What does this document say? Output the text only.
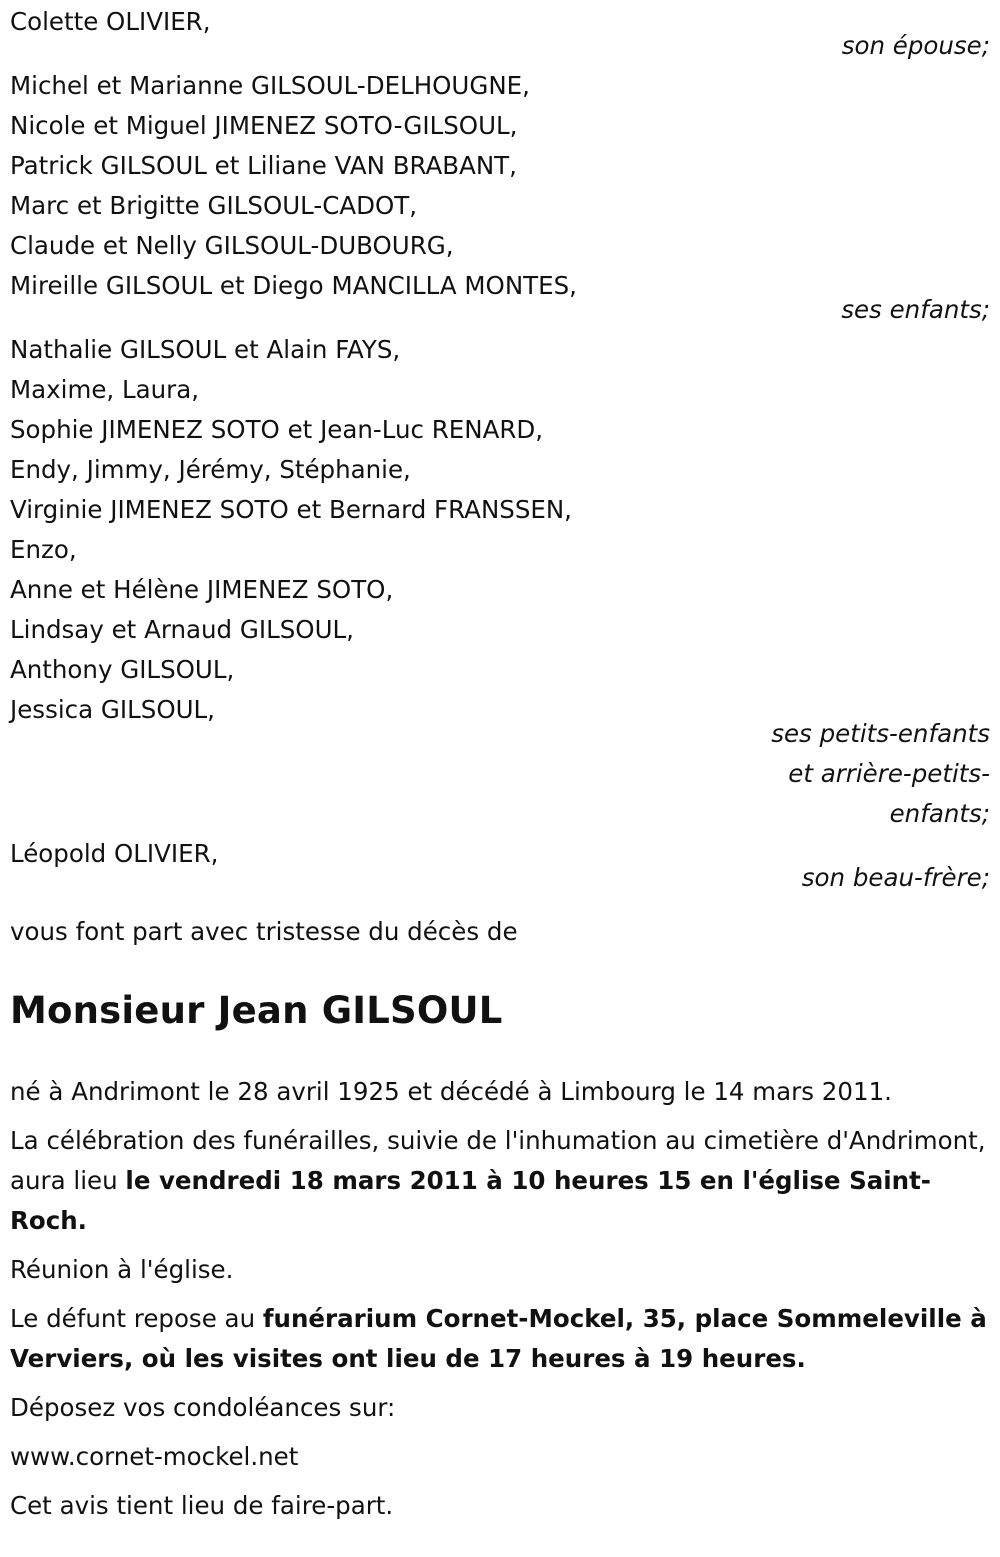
Colette OLIVIER,
son épouse;
Michel et Marianne GILSOUL-DELHOUGNE,
Nicole et Miguel JIMENEZ SOTO-GILSOUL,
Patrick GILSOUL et Liliane VAN BRABANT,
Marc et Brigitte GILSOUL-CADOT,
Claude et Nelly GILSOUL-DUBOURG,
Mireille GILSOUL et Diego MANCILLA MONTES,
ses enfants;
Nathalie GILSOUL et Alain FAYS,
Maxime, Laura,
Sophie JIMENEZ SOTO et Jean-Luc RENARD,
Endy, Jimmy, Jérémy, Stéphanie,
Virginie JIMENEZ SOTO et Bernard FRANSSEN,
Enzo,
Anne et Hélène JIMENEZ SOTO,
Lindsay et Arnaud GILSOUL,
Anthony GILSOUL,
Jessica GILSOUL,
ses petits-enfants
et arrière-petits-
enfants;
Léopold OLIVIER,
son beau-frère;
vous font part avec tristesse du décès de
Monsieur Jean GILSOUL
né à Andrimont le 28 avril 1925 et décédé à Limbourg le 14 mars 2011.
La célébration des funérailles, suivie de l'inhumation au cimetière d'Andrimont, aura lieu le vendredi 18 mars 2011 à 10 heures 15 en l'église Saint-Roch.
Réunion à l'église.
Le défunt repose au funérarium Cornet-Mockel, 35, place Sommeleville à Verviers, où les visites ont lieu de 17 heures à 19 heures.
Déposez vos condoléances sur:
www.cornet-mockel.net
Cet avis tient lieu de faire-part.
